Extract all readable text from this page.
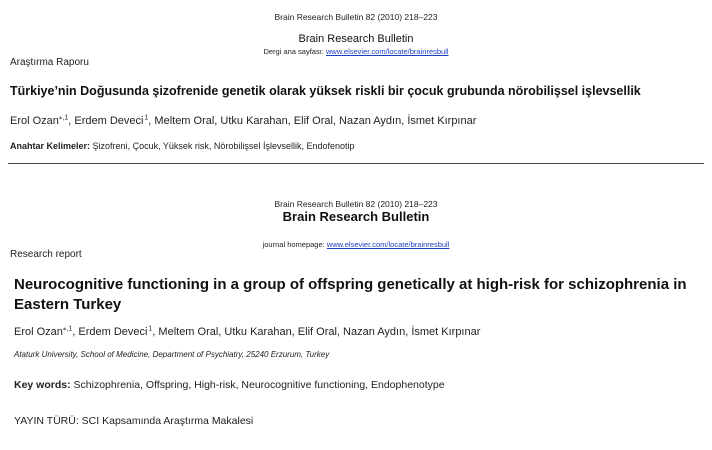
Brain Research Bulletin 82 (2010) 218–223
Brain Research Bulletin
Dergi ana sayfası: www.elsevier.com/locate/brainresbull
Araştırma Raporu
Türkiye’nin Doğusunda şizofrenide genetik olarak yüksek riskli bir çocuk grubunda nörobilişsel işlevsellik
Erol Ozan$^{⁎,1}$, Erdem Deveci $^1$, Meltem Oral, Utku Karahan, Elif Oral, Nazan Aydın, İsmet Kırpınar
Anahtar Kelimeler: Şizofreni, Çocuk, Yüksek risk, Nörobilişsel İşlevsellik, Endofenotip
Brain Research Bulletin 82 (2010) 218–223
Brain Research Bulletin
journal homepage: www.elsevier.com/locate/brainresbull
Research report
Neurocognitive functioning in a group of offspring genetically at high-risk for schizophrenia in Eastern Turkey
Erol Ozan$^{⁎,1}$, Erdem Deveci $^1$, Meltem Oral, Utku Karahan, Elif Oral, Nazan Aydın, İsmet Kırpınar
Ataturk University, School of Medicine, Department of Psychiatry, 25240 Erzurum, Turkey
Key words: Schizophrenia, Offspring, High-risk, Neurocognitive functioning, Endophenotype
YAYIN TÜRÜ: SCI Kapsamında Araştırma Makalesi
